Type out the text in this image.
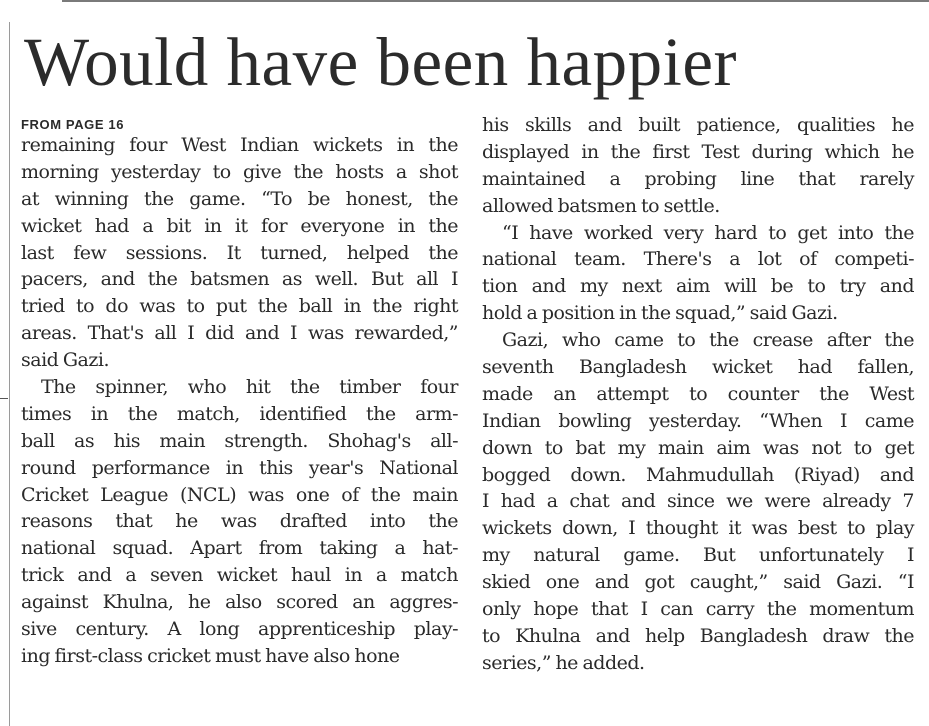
Would have been happier
FROM PAGE 16
remaining four West Indian wickets in the
morning yesterday to give the hosts a shot
at winning the game. “To be honest, the
wicket had a bit in it for everyone in the
last few sessions. It turned, helped the
pacers, and the batsmen as well. But all I
tried to do was to put the ball in the right
areas. That's all I did and I was rewarded,”
said Gazi.
The spinner, who hit the timber four
times in the match, identified the arm-
ball as his main strength. Shohag's all-
round performance in this year's National
Cricket League (NCL) was one of the main
reasons that he was drafted into the
national squad. Apart from taking a hat-
trick and a seven wicket haul in a match
against Khulna, he also scored an aggres-
sive century. A long apprenticeship play-
ing first-class cricket must have also hone
his skills and built patience, qualities he
displayed in the first Test during which he
maintained a probing line that rarely
allowed batsmen to settle.
“I have worked very hard to get into the
national team. There's a lot of competi-
tion and my next aim will be to try and
hold a position in the squad,” said Gazi.
Gazi, who came to the crease after the
seventh Bangladesh wicket had fallen,
made an attempt to counter the West
Indian bowling yesterday. “When I came
down to bat my main aim was not to get
bogged down. Mahmudullah (Riyad) and
I had a chat and since we were already 7
wickets down, I thought it was best to play
my natural game. But unfortunately I
skied one and got caught,” said Gazi. “I
only hope that I can carry the momentum
to Khulna and help Bangladesh draw the
series,” he added.
